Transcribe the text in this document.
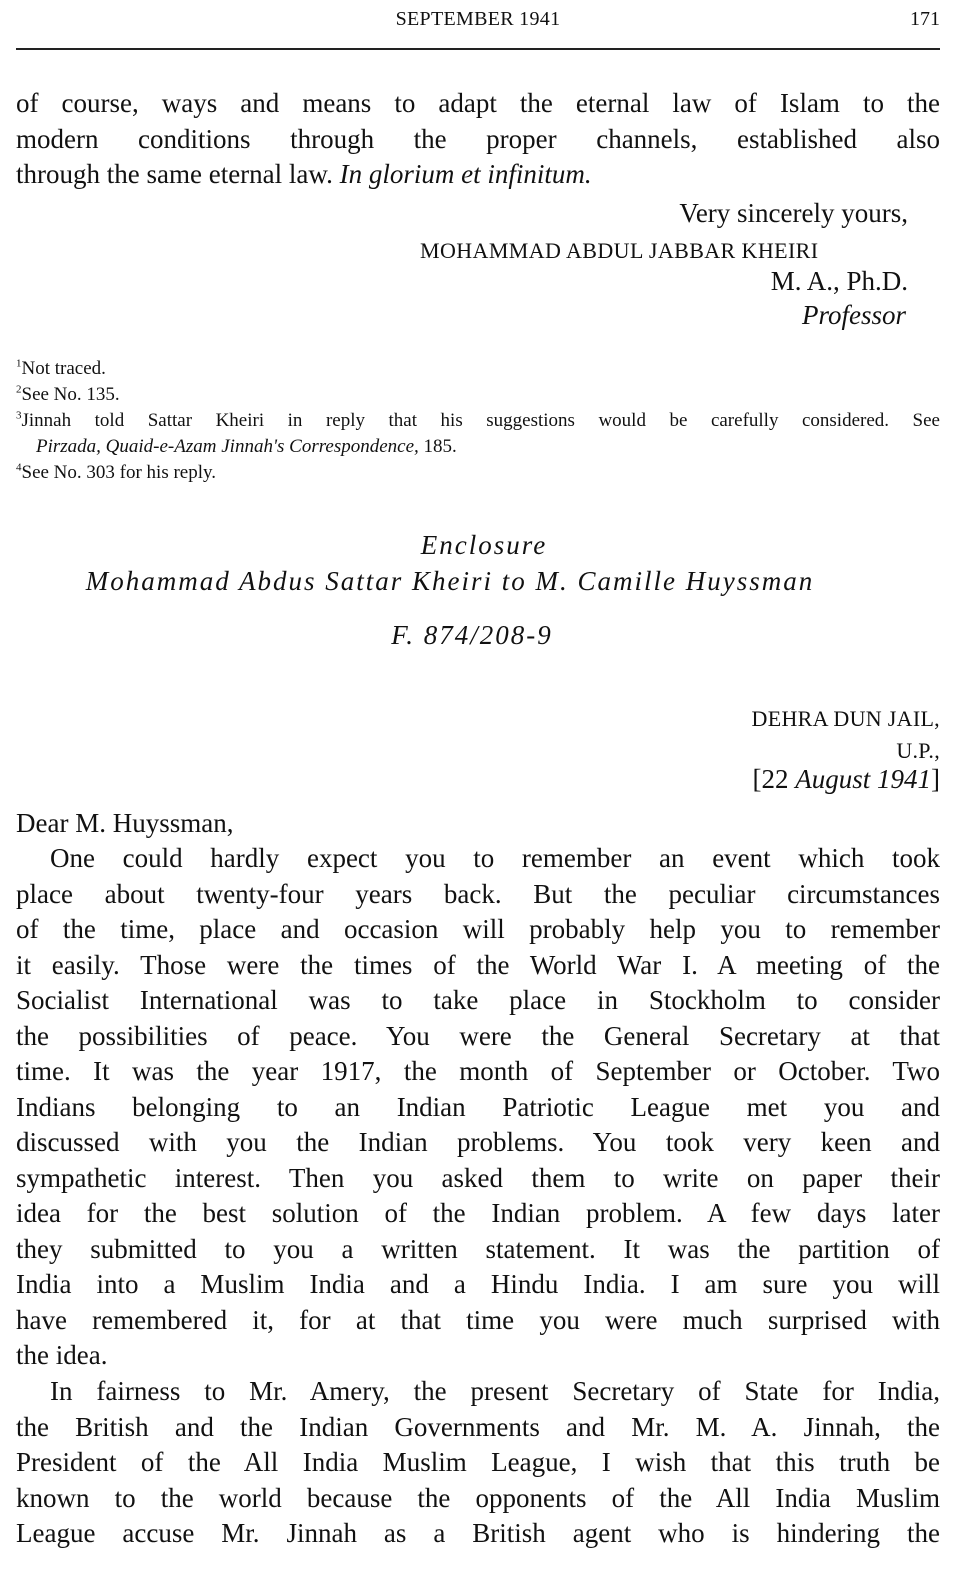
SEPTEMBER 1941	171
of course, ways and means to adapt the eternal law of Islam to the
modern conditions through the proper channels, established also
through the same eternal law. In glorium et infinitum.
Very sincerely yours,
MOHAMMAD ABDUL JABBAR KHEIRI
M. A., Ph.D.
Professor
$^1$Not traced.
$^2$See No. 135.
$^3$Jinnah told Sattar Kheiri in reply that his suggestions would be carefully considered. See
Pirzada, Quaid-e-Azam Jinnah's Correspondence, 185.
$^4$See No. 303 for his reply.
Enclosure
Mohammad Abdus Sattar Kheiri to M. Camille Huyssman
F. 874/208-9
DEHRA DUN JAIL,
U.P.,
[22 August 1941]
Dear M. Huyssman,
One could hardly expect you to remember an event which took
place about twenty-four years back. But the peculiar circumstances
of the time, place and occasion will probably help you to remember
it easily. Those were the times of the World War I. A meeting of the
Socialist International was to take place in Stockholm to consider
the possibilities of peace. You were the General Secretary at that
time. It was the year 1917, the month of September or October. Two
Indians belonging to an Indian Patriotic League met you and
discussed with you the Indian problems. You took very keen and
sympathetic interest. Then you asked them to write on paper their
idea for the best solution of the Indian problem. A few days later
they submitted to you a written statement. It was the partition of
India into a Muslim India and a Hindu India. I am sure you will
have remembered it, for at that time you were much surprised with
the idea.
In fairness to Mr. Amery, the present Secretary of State for India,
the British and the Indian Governments and Mr. M. A. Jinnah, the
President of the All India Muslim League, I wish that this truth be
known to the world because the opponents of the All India Muslim
League accuse Mr. Jinnah as a British agent who is hindering the
